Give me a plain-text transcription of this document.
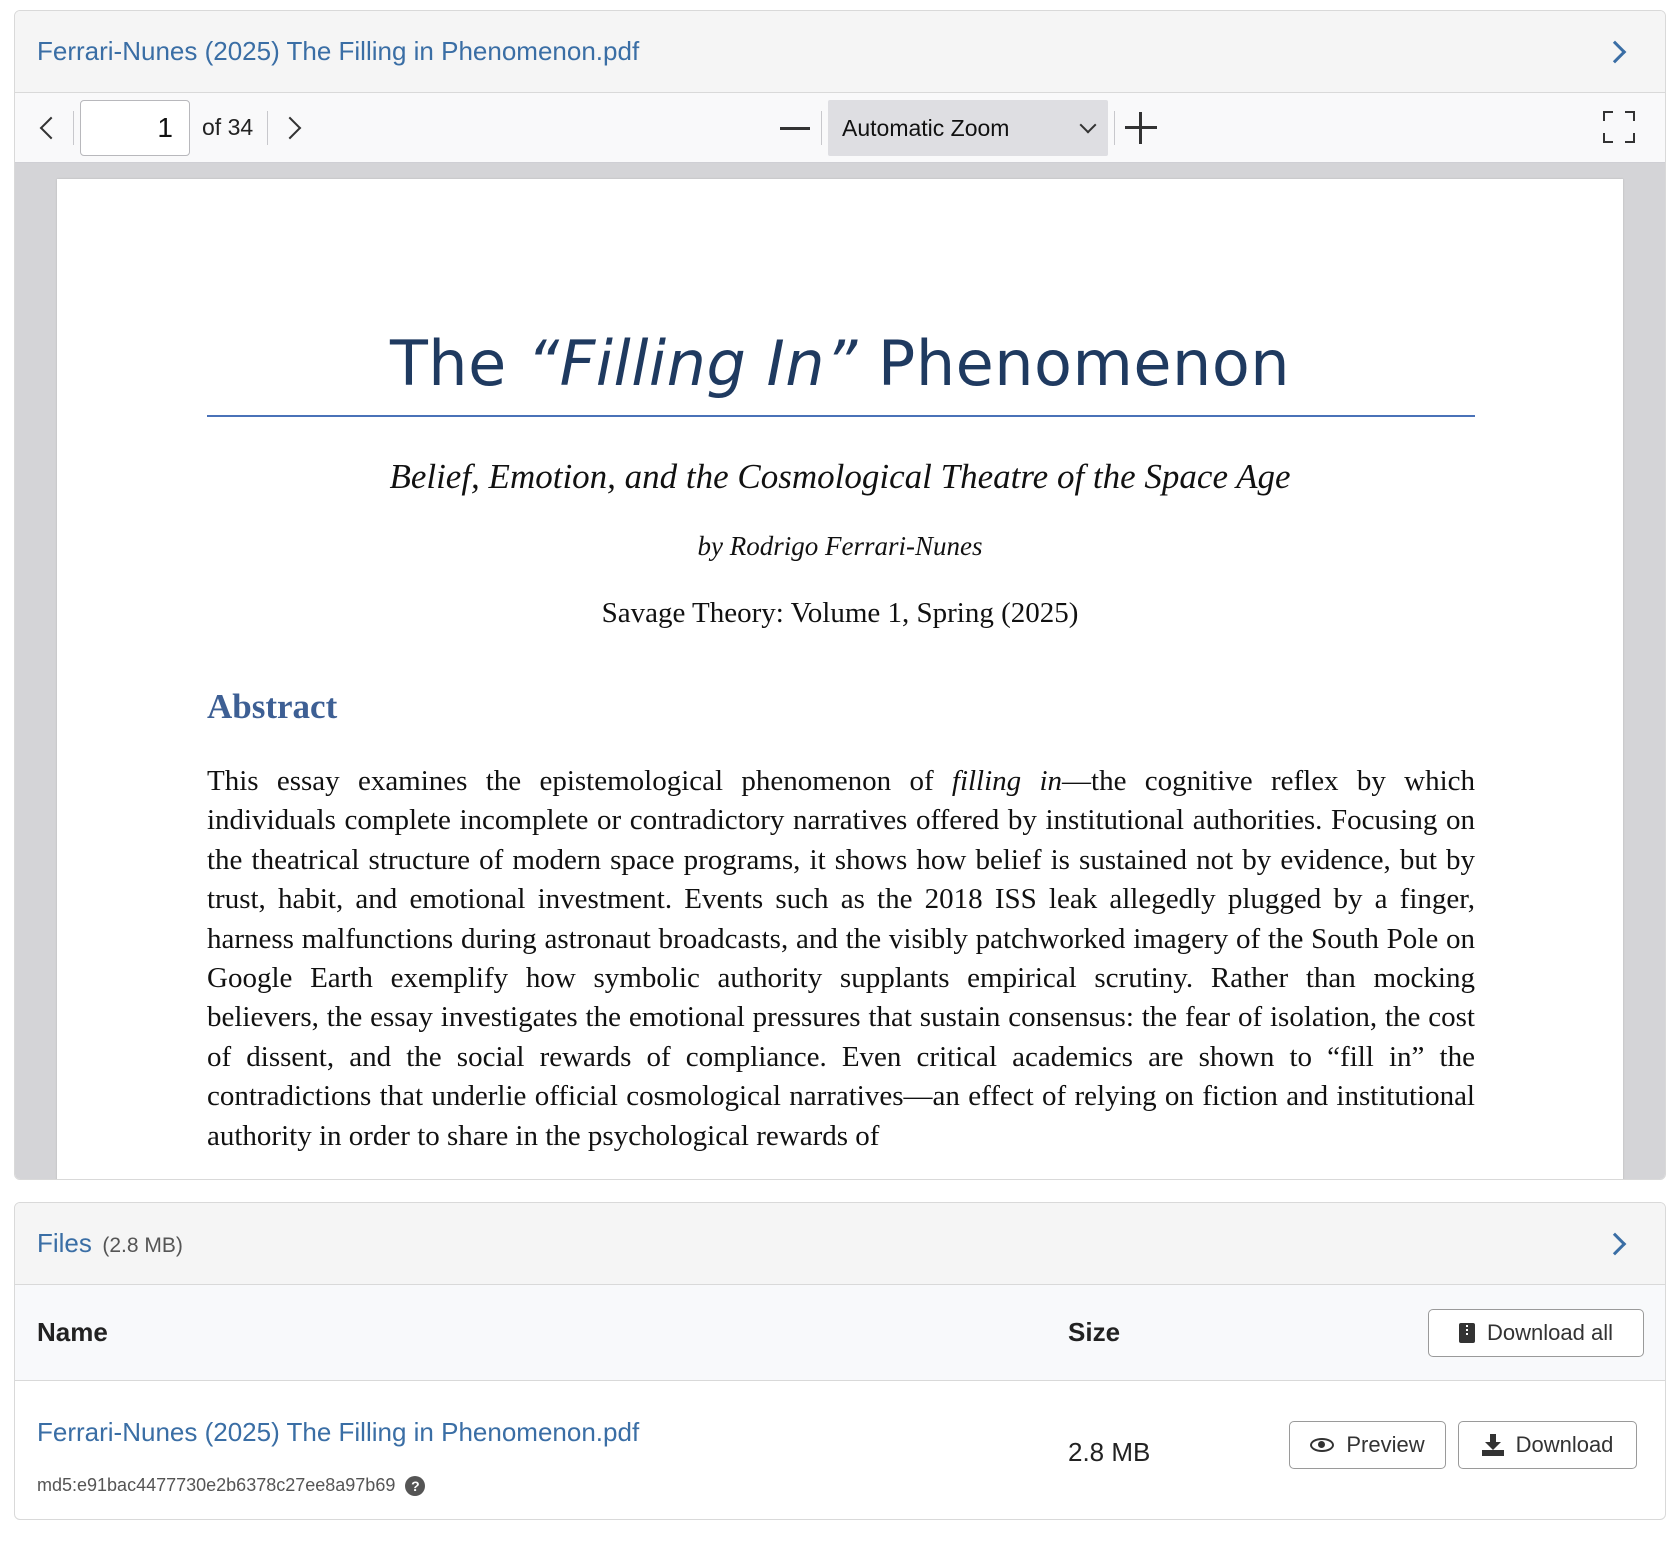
Ferrari-Nunes (2025) The Filling in Phenomenon.pdf
1
of 34	Automatic Zoom
The “Filling In” Phenomenon
Belief, Emotion, and the Cosmological Theatre of the Space Age
by Rodrigo Ferrari-Nunes
Savage Theory: Volume 1, Spring (2025)
Abstract
This essay examines the epistemological phenomenon of filling in—the cognitive reflex by which individuals complete incomplete or contradictory narratives offered by institutional authorities. Focusing on the theatrical structure of modern space programs, it shows how belief is sustained not by evidence, but by trust, habit, and emotional investment. Events such as the 2018 ISS leak allegedly plugged by a finger, harness malfunctions during astronaut broadcasts, and the visibly patchworked imagery of the South Pole on Google Earth exemplify how symbolic authority supplants empirical scrutiny. Rather than mocking believers, the essay investigates the emotional pressures that sustain consensus: the fear of isolation, the cost of dissent, and the social rewards of compliance. Even critical academics are shown to “fill in” the contradictions that underlie official cosmological narratives—an effect of relying on fiction and institutional authority in order to share in the psychological rewards of
Files (2.8 MB)
Name	Size	Download all
Ferrari-Nunes (2025) The Filling in Phenomenon.pdf
md5:e91bac4477730e2b6378c27ee8a97b69	?
2.8 MB	Preview	Download
